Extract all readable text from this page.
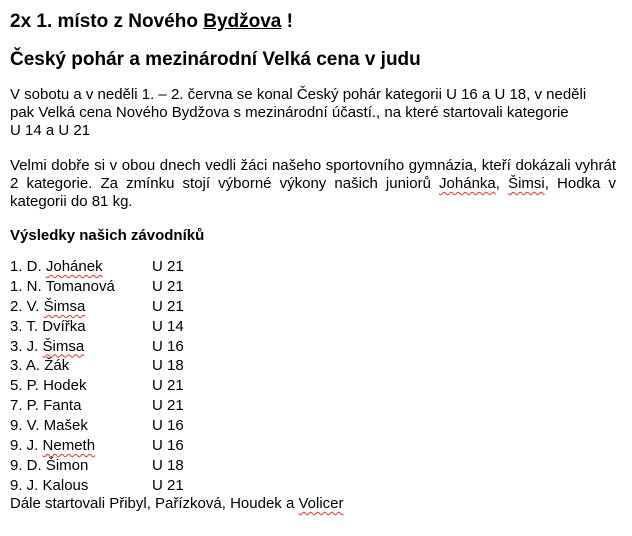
2x 1. místo z Nového Bydžova !
Český pohár a mezinárodní Velká cena v judu
V sobotu a v neděli 1. – 2. června se konal Český pohár kategorii U 16 a U 18, v neděli
pak Velká cena Nového Bydžova s mezinárodní účastí., na které startovali kategorie
U 14 a U 21
Velmi dobře si v obou dnech vedli žáci našeho sportovního gymnázia, kteří dokázali vyhrát 2 kategorie. Za zmínku stojí výborné výkony našich juniorů Johánka, Šimsi, Hodka v kategorii do 81 kg.
Výsledky našich závodníků
1. D. Johánek	U 21
1. N. Tomanová U 21
2. V. Šimsa	U 21
3. T. Dvířka	U 14
3. J. Šimsa	U 16
3. A. Žák	U 18
5. P. Hodek	U 21
7. P. Fanta	U 21
9. V. Mašek	U 16
9. J. Nemeth	U 16
9. D. Šimon	U 18
9. J. Kalous	U 21
Dále startovali Přibyl, Pařízková, Houdek a Volicer
